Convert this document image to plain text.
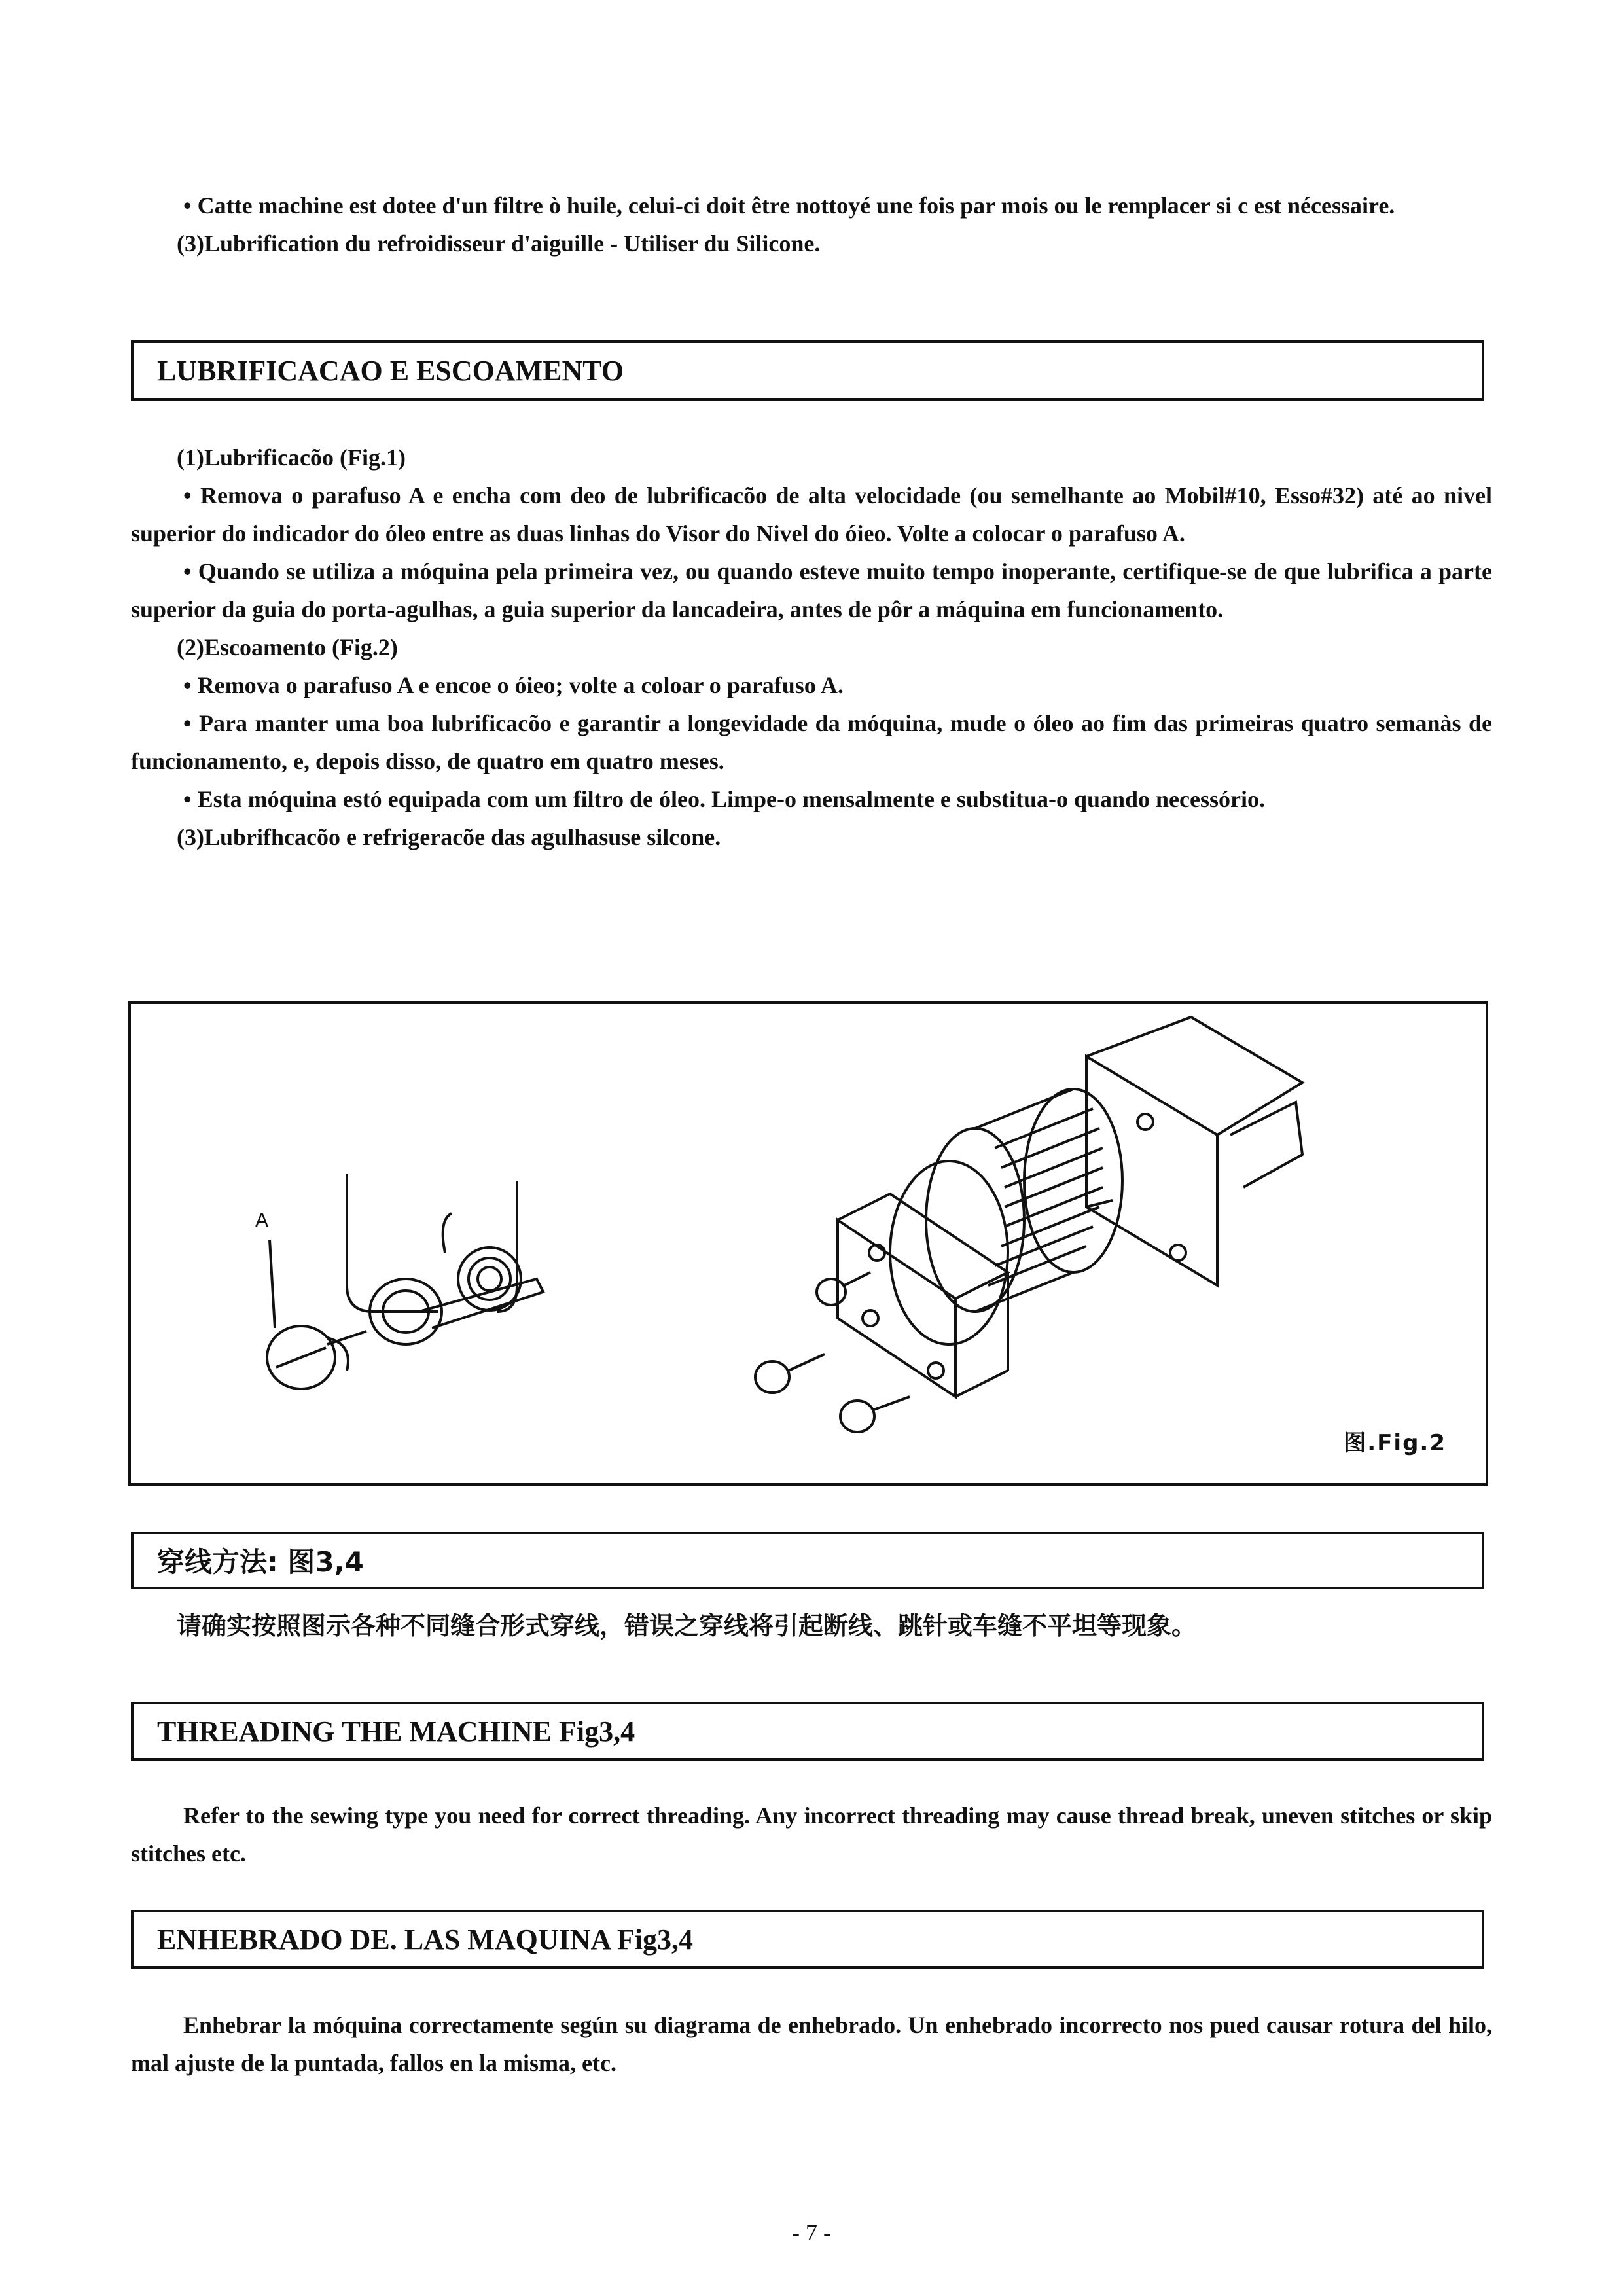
• Catte machine est dotee d'un filtre ò huile, celui-ci doit être nottoyé une fois par mois ou le remplacer si c est nécessaire.

(3)Lubrification du refroidisseur d'aiguille - Utiliser du Silicone.

LUBRIFICACAO E ESCOAMENTO

(1)Lubrificacõo (Fig.1)

• Remova o parafuso A e encha com deo de lubrificacõo de alta velocidade (ou semelhante ao Mobil#10, Esso#32) até ao nivel superior do indicador do óleo entre as duas linhas do Visor do Nivel do óieo. Volte a colocar o parafuso A.

• Quando se utiliza a móquina pela primeira vez, ou quando esteve muito tempo inoperante, certifique-se de que lubrifica a parte superior da guia do porta-agulhas, a guia superior da lancadeira, antes de pôr a máquina em funcionamento.

(2)Escoamento (Fig.2)

• Remova o parafuso A e encoe o óieo; volte a coloar o parafuso A.

• Para manter uma boa lubrificacõo e garantir a longevidade da móquina, mude o óleo ao fim das primeiras quatro semanàs de funcionamento, e, depois disso, de quatro em quatro meses.

• Esta móquina estó equipada com um filtro de óleo. Limpe-o mensalmente e substitua-o quando necessório.

(3)Lubrifhcacõo e refrigeracõe das agulhasuse silcone.

A
图.Fig.2
穿线方法: 图3,4

请确实按照图示各种不同缝合形式穿线，错误之穿线将引起断线、跳针或车缝不平坦等现象。

THREADING THE MACHINE Fig3,4

Refer to the sewing type you need for correct threading. Any incorrect threading may cause thread break, uneven stitches or skip stitches etc.

ENHEBRADO DE. LAS MAQUINA Fig3,4

Enhebrar la móquina correctamente según su diagrama de enhebrado. Un enhebrado incorrecto nos pued causar rotura del hilo, mal ajuste de la puntada, fallos en la misma, etc.

- 7 -
